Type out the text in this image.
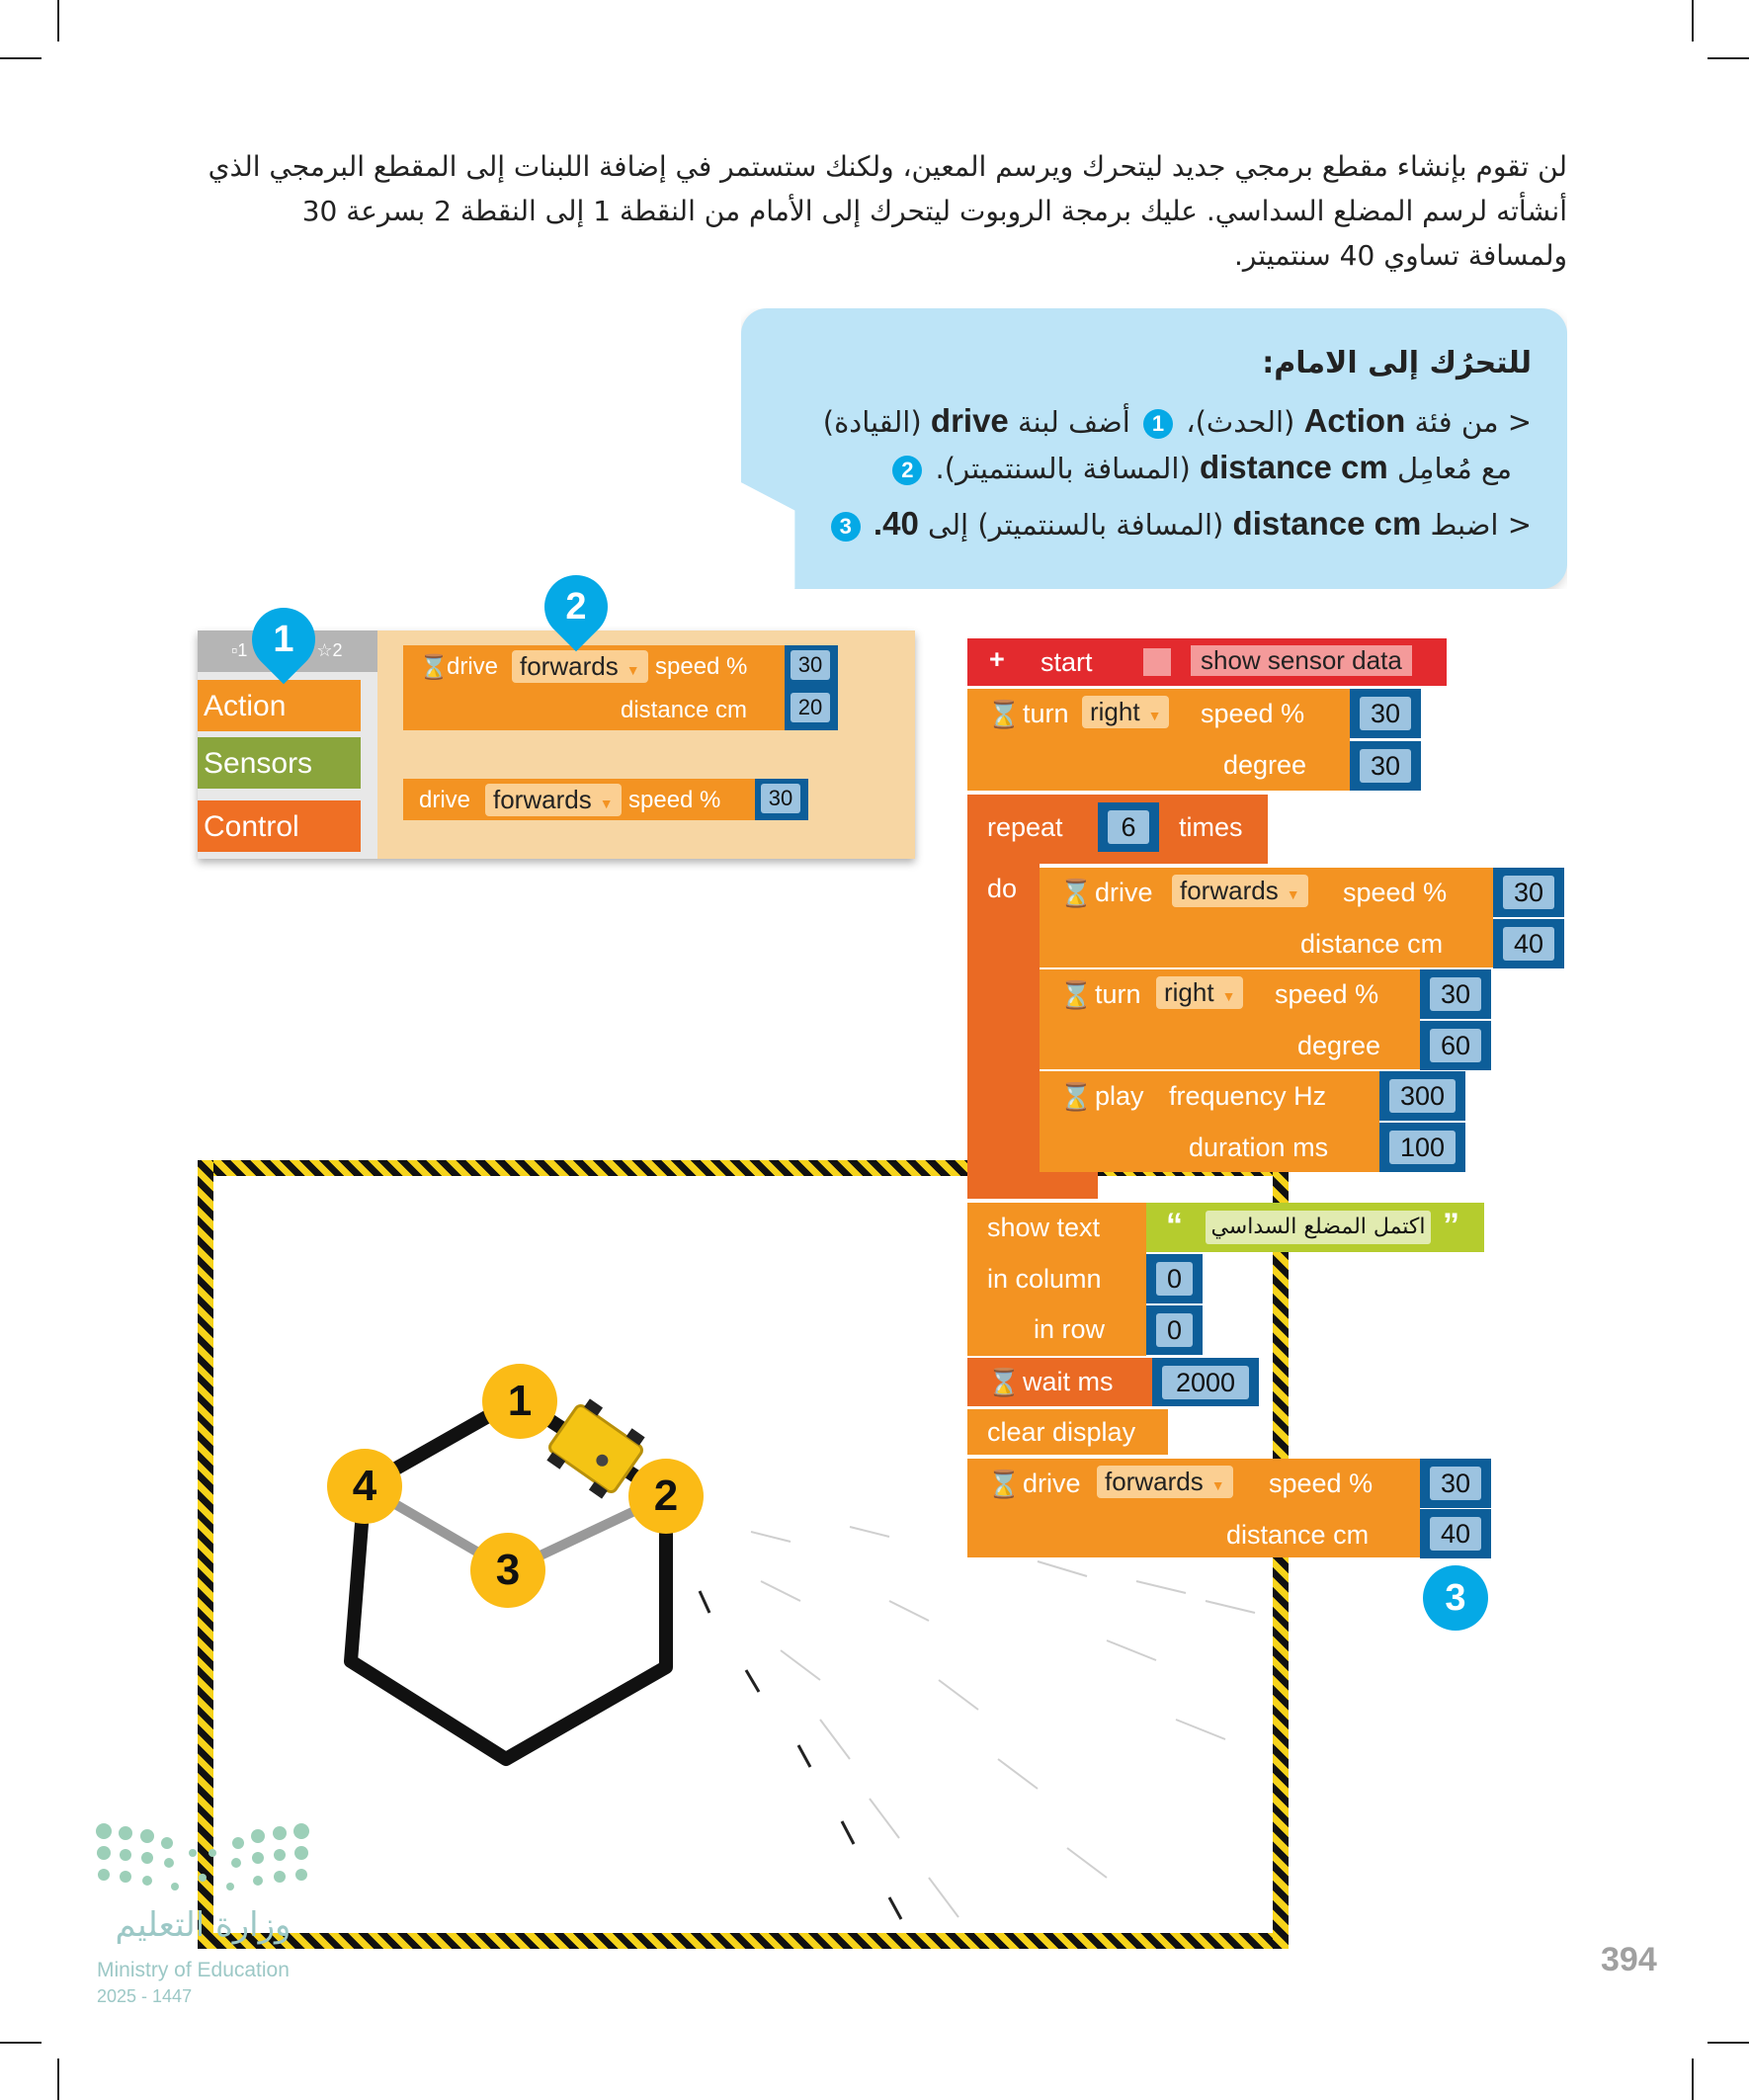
لن تقوم بإنشاء مقطع برمجي جديد ليتحرك ويرسم المعين، ولكنك ستستمر في إضافة اللبنات إلى المقطع البرمجي الذي أنشأته لرسم المضلع السداسي. عليك برمجة الروبوت ليتحرك إلى الأمام من النقطة 1 إلى النقطة 2 بسرعة 30 ولمسافة تساوي 40 سنتميتر.

للتحرُك إلى الامام:
< من فئة Action (الحدث)، 1 أضف لبنة drive (القيادة)
مع مُعامِل distance cm (المسافة بالسنتميتر). 2
< اضبط distance cm (المسافة بالسنتميتر) إلى 40. 3
▫1	☆2
Action
Sensors
Control
⌛
drive forwards ▼ speed %
distance cm
30
20
drive forwards ▼ speed %	30
1
2
1
2
3
4
+ start	show sensor data
⌛ turn right ▼ speed %
degree
30
30
repeat	times
6
do ⌛ drive	forwards ▼ speed %
distance cm
30
40
⌛ turn right ▼ speed %
degree
30
60
⌛ play frequency Hz
duration ms
300
100
show text
in column
in row
“ اكتمل المضلع السداسي ”
0
0
⌛ wait ms	2000
clear display
⌛ drive forwards ▼ speed %
distance cm
30
40
3
وزارة التعليم
Ministry of Education
2025 - 1447
394
